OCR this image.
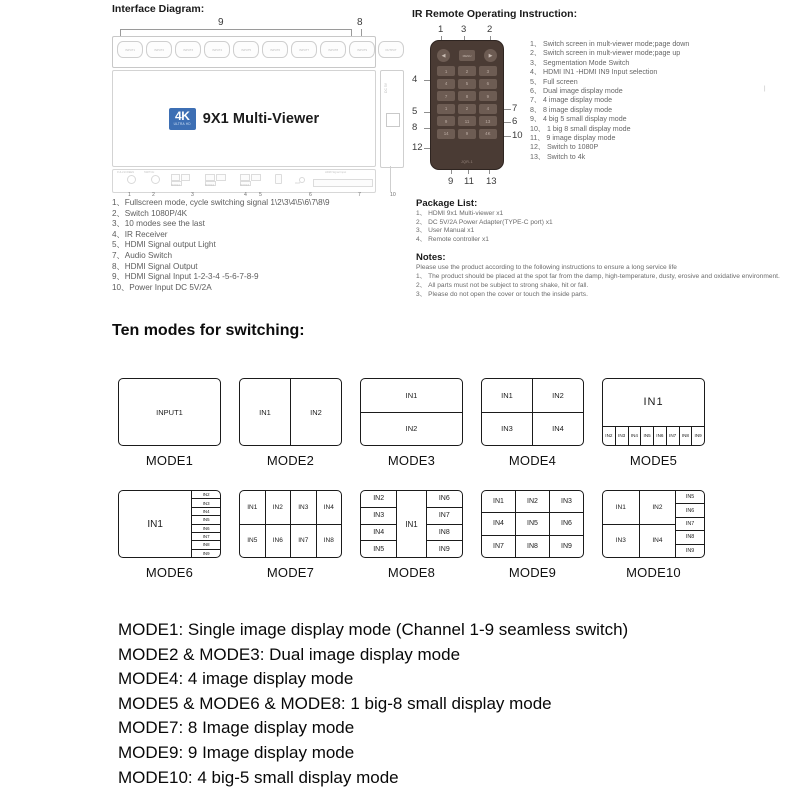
Interface Diagram:
9	8
INPUT1	INPUT2	INPUT3	INPUT4	INPUT5	INPUT6	INPUT7	INPUT8	INPUT9	OUTPUT
4K
ULTRA HD 9X1 Multi-Viewer
DC 5V
FULLSCREEN	SWITCH
MODE1	MODE2	MODE3
OUT
HDMI Signal Input
1	2	3	4 5	6	7	10
1、Fullscreen mode, cycle switching signal 1\2\3\4\5\6\7\8\9
2、Switch 1080P/4K
3、10 modes see the last
4、IR Receiver
5、HDMI Signal output Light
7、Audio Switch
8、HDMI Signal Output
9、HDMI Signal Input 1-2-3-4 -5-6-7-8-9
10、Power Input DC 5V/2A
IR Remote Operating Instruction:
1 3 2
4
5
8
12
7
6
10
9 11 13
◀	MENU	▶
1	2	3
4	5	6
7	8	9
1	2	4
9	11	13
14	9	4K
JQR-1
1、 Switch screen in mult-viewer mode;page down
2、 Switch screen in mult-viewer mode;page up
3、 Segmentation Mode Switch
4、 HDMI IN1 -HDMI IN9 Input selection
5、 Full screen
6、 Dual image display mode
7、 4 image display mode
8、 8 image display mode
9、 4 big 5 small display mode
10、 1 big 8 small display mode
11、 9 image display mode
12、 Switch to 1080P
13、 Switch to 4k
|
Package List:
1、 HDMI 9x1 Multi-viewer x1
2、 DC 5V/2A Power Adapter(TYPE-C port) x1
3、 User Manual x1
4、 Remote controller x1
Notes:
Please use the product according to the following instructions to ensure a long service life
1、 The product should be placed at the spot far from the damp, high-temperature, dusty, erosive and oxidative environment.
2、 All parts must not be subject to strong shake, hit or fall.
3、 Please do not open the cover or touch the inside parts.
Ten modes for switching:
INPUT1
MODE1
IN1	IN2
MODE2
IN1
IN2
MODE3
IN1	IN2
IN3	IN4
MODE4
IN1
IN2	IN3	IN4	IN5	IN6	IN7	IN8	IN9
MODE5
IN1
IN2
IN3
IN4
IN5
IN6
IN7
IN8
IN9
MODE6
IN1	IN2	IN3	IN4
IN5	IN6	IN7	IN8
MODE7
IN2
IN3
IN4
IN5
IN1
IN6
IN7
IN8
IN9
MODE8
IN1	IN2	IN3
IN4	IN5	IN6
IN7	IN8	IN9
MODE9
IN1	IN2
IN3	IN4
IN5
IN6
IN7
IN8
IN9
MODE10
MODE1: Single image display mode (Channel 1-9 seamless switch)
MODE2 & MODE3: Dual image display mode
MODE4: 4 image display mode
MODE5 & MODE6 & MODE8: 1 big-8 small display mode
MODE7: 8 Image display mode
MODE9: 9 Image display mode
MODE10: 4 big-5 small display mode
